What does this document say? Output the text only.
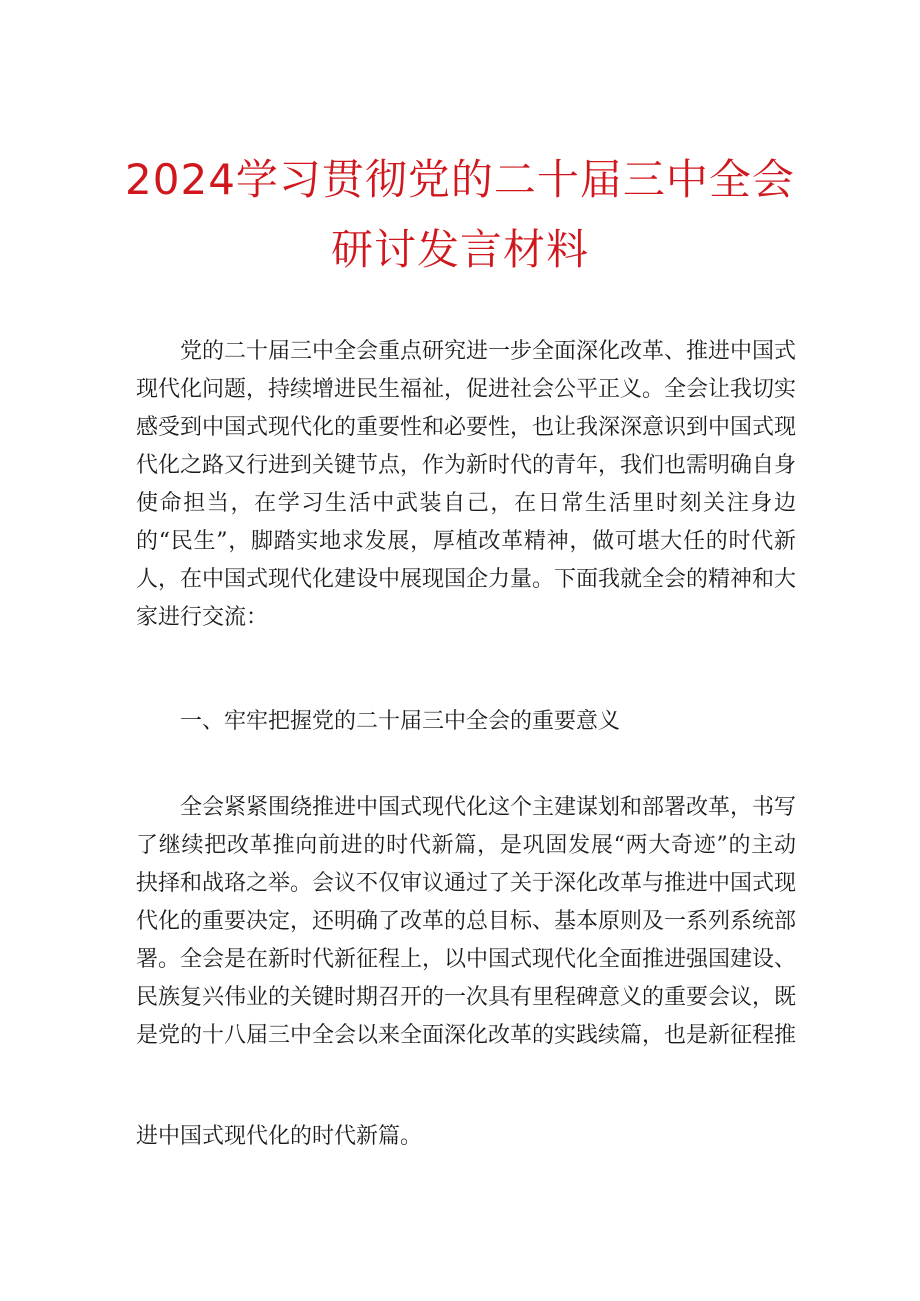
2024学习贯彻党的二十届三中全会
研讨发言材料

党的二十届三中全会重点研究进一步全面深化改革、推进中国式现代化问题，持续增进民生福祉，促进社会公平正义。全会让我切实感受到中国式现代化的重要性和必要性，也让我深深意识到中国式现代化之路又行进到关键节点，作为新时代的青年，我们也需明确自身使命担当，在学习生活中武装自己，在日常生活里时刻关注身边的“民生”，脚踏实地求发展，厚植改革精神，做可堪大任的时代新人，在中国式现代化建设中展现国企力量。下面我就全会的精神和大家进行交流：

一、牢牢把握党的二十届三中全会的重要意义

全会紧紧围绕推进中国式现代化这个主建谋划和部署改革，书写了继续把改革推向前进的时代新篇，是巩固发展“两大奇迹”的主动抉择和战珞之举。会议不仅审议通过了关于深化改革与推进中国式现代化的重要决定，还明确了改革的总目标、基本原则及一系列系统部署。全会是在新时代新征程上，以中国式现代化全面推进强国建设、民族复兴伟业的关键时期召开的一次具有里程碑意义的重要会议，既是党的十八届三中全会以来全面深化改革的实践续篇，也是新征程推

进中国式现代化的时代新篇。
